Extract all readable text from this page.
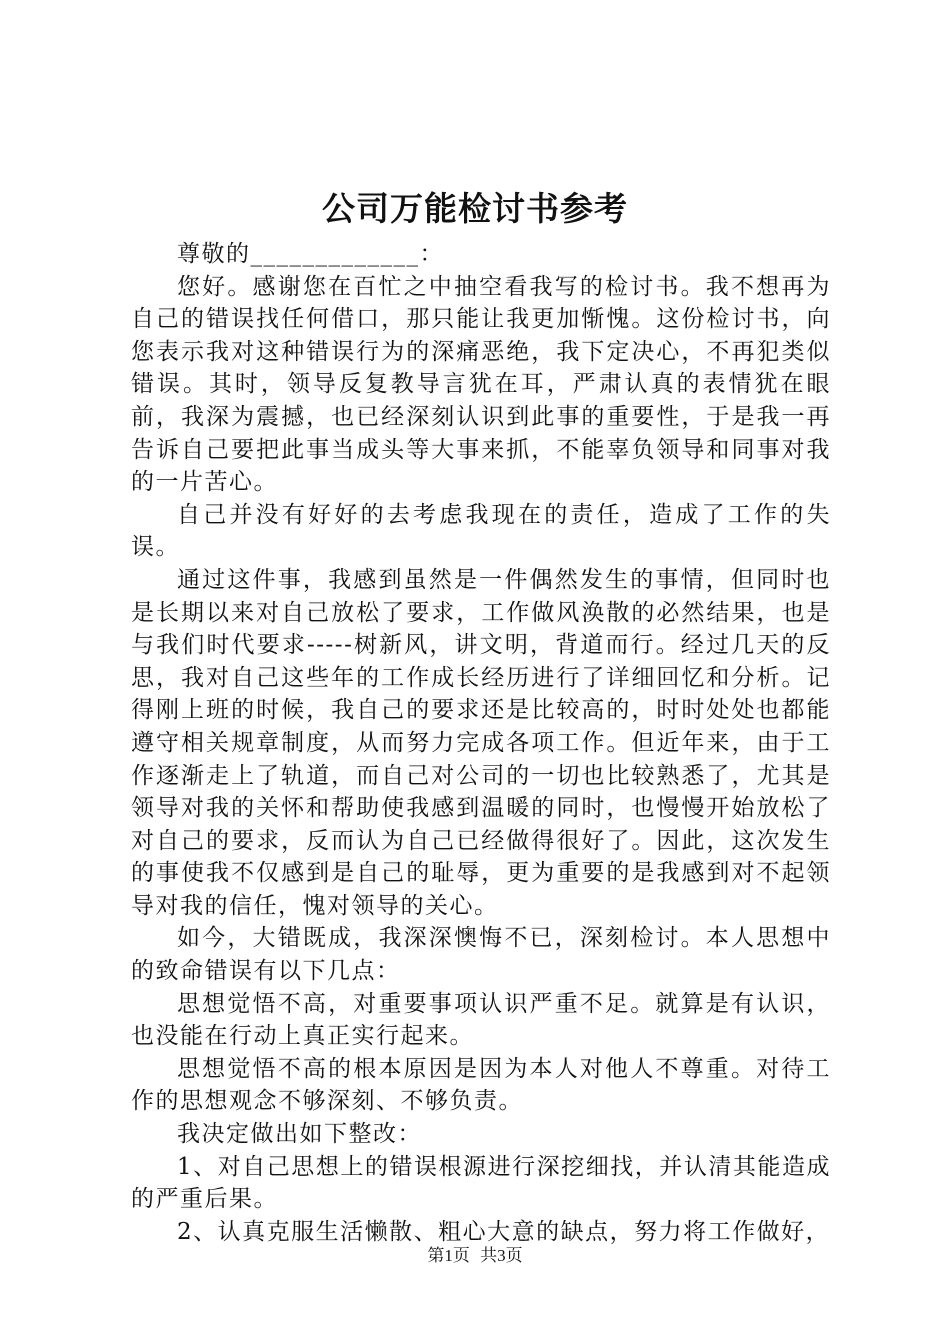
公司万能检讨书参考

尊敬的_____________：

您好。感谢您在百忙之中抽空看我写的检讨书。我不想再为自己的错误找任何借口，那只能让我更加惭愧。这份检讨书，向您表示我对这种错误行为的深痛恶绝，我下定决心，不再犯类似错误。其时，领导反复教导言犹在耳，严肃认真的表情犹在眼前，我深为震撼，也已经深刻认识到此事的重要性，于是我一再告诉自己要把此事当成头等大事来抓，不能辜负领导和同事对我的一片苦心。

自己并没有好好的去考虑我现在的责任，造成了工作的失误。

通过这件事，我感到虽然是一件偶然发生的事情，但同时也是长期以来对自己放松了要求，工作做风涣散的必然结果，也是与我们时代要求-----树新风，讲文明，背道而行。经过几天的反思，我对自己这些年的工作成长经历进行了详细回忆和分析。记得刚上班的时候，我自己的要求还是比较高的，时时处处也都能遵守相关规章制度，从而努力完成各项工作。但近年来，由于工作逐渐走上了轨道，而自己对公司的一切也比较熟悉了，尤其是领导对我的关怀和帮助使我感到温暖的同时，也慢慢开始放松了对自己的要求，反而认为自己已经做得很好了。因此，这次发生的事使我不仅感到是自己的耻辱，更为重要的是我感到对不起领导对我的信任，愧对领导的关心。

如今，大错既成，我深深懊悔不已，深刻检讨。本人思想中的致命错误有以下几点：

思想觉悟不高，对重要事项认识严重不足。就算是有认识，也没能在行动上真正实行起来。

思想觉悟不高的根本原因是因为本人对他人不尊重。对待工作的思想观念不够深刻、不够负责。

我决定做出如下整改：

1、对自己思想上的错误根源进行深挖细找，并认清其能造成的严重后果。

2、认真克服生活懒散、粗心大意的缺点，努力将工作做好，

第1页 共3页
